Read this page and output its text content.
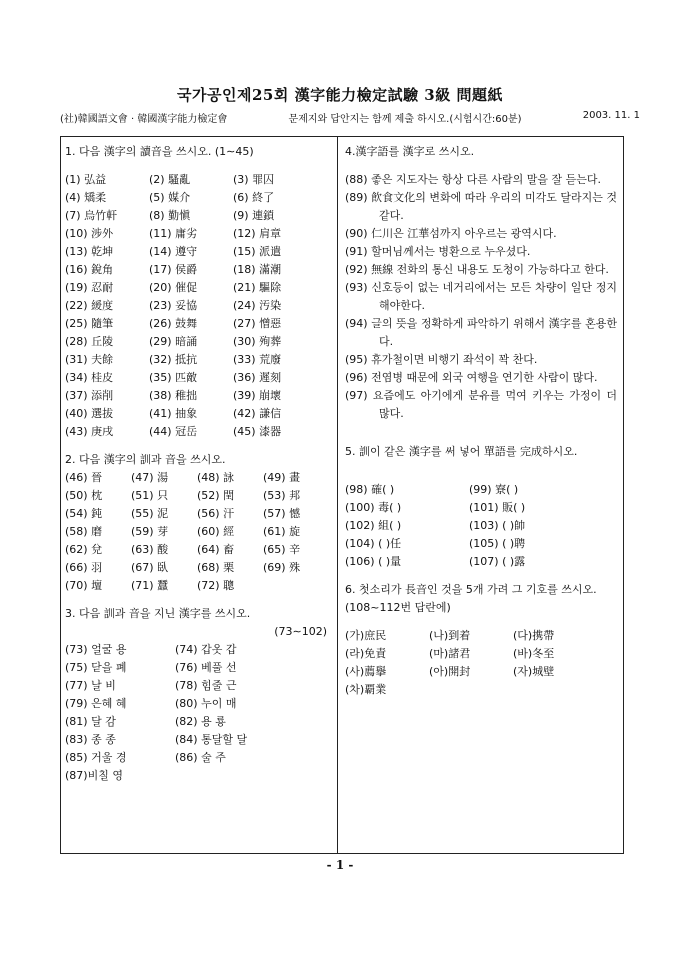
국가공인제25회 漢字能力檢定試驗 3級 問題紙
(社)韓國語文會 · 韓國漢字能力檢定會	문제지와 답안지는 함께 제출 하시오.(시험시간:60분)	2003. 11. 1
1. 다음 漢字의 讀音을 쓰시오. (1∼45)
(1) 弘益	(2) 騷亂	(3) 罪囚
(4) 矯柔	(5) 媒介	(6) 終了
(7) 烏竹軒	(8) 勤愼	(9) 連鎖
(10) 涉外	(11) 庸劣	(12) 肩章
(13) 乾坤	(14) 遵守	(15) 派遣
(16) 銳角	(17) 侯爵	(18) 滿潮
(19) 忍耐	(20) 催促	(21) 驅除
(22) 緩度	(23) 妥協	(24) 汚染
(25) 隨筆	(26) 鼓舞	(27) 憎惡
(28) 丘陵	(29) 暗誦	(30) 殉葬
(31) 夫餘	(32) 抵抗	(33) 荒廢
(34) 桂皮	(35) 匹敵	(36) 遲刻
(37) 添削	(38) 稚拙	(39) 崩壞
(40) 選拔	(41) 抽象	(42) 謙信
(43) 庚戌	(44) 冠岳	(45) 漆器
2. 다음 漢字의 訓과 音을 쓰시오.
(46) 晉	(47) 湯	(48) 詠	(49) 畫
(50) 枕	(51) 只	(52) 閏	(53) 邦
(54) 鈍	(55) 泥	(56) 汗	(57) 憾
(58) 磨	(59) 芽	(60) 經	(61) 旋
(62) 兌	(63) 酸	(64) 畜	(65) 辛
(66) 羽	(67) 臥	(68) 栗	(69) 殊
(70) 壇	(71) 蠶	(72) 聰
3. 다음 訓과 音을 지닌 漢字를 쓰시오.
(73∼102)
(73) 얼굴 용	(74) 갑옷 갑
(75) 닫을 폐	(76) 베풀 선
(77) 날 비	(78) 힘줄 근
(79) 은혜 혜	(80) 누이 매
(81) 달 감	(82) 용 룡
(83) 종 종	(84) 통달할 달
(85) 거울 경	(86) 술 주
(87)비칠 영
4.漢字語를 漢字로 쓰시오.
(88) 좋은 지도자는 항상 다른 사람의 말을 잘 듣는다.
(89) 飮食文化의 변화에 따라 우리의 미각도 달라지는 것 같다.
(90) 仁川은 江華섬까지 아우르는 광역시다.
(91) 할머님께서는 병환으로 누우셨다.
(92) 無線 전화의 통신 내용도 도청이 가능하다고 한다.
(93) 신호등이 없는 네거리에서는 모든 차량이 일단 정지해야한다.
(94) 글의 뜻을 정확하게 파악하기 위해서 漢字를 혼용한다.
(95) 휴가철이면 비행기 좌석이 꽉 찬다.
(96) 전염병 때문에 외국 여행을 연기한 사람이 많다.
(97) 요즘에도 아기에게 분유를 먹여 키우는 가정이 더 많다.
5. 訓이 같은 漢字를 써 넣어 單語를 完成하시오.
(98) 確( )	(99) 寮( )
(100) 毒( )	(101) 販( )
(102) 組( )	(103) ( )帥
(104) ( )任	(105) ( )聘
(106) ( )量	(107) ( )露
6. 첫소리가 長音인 것을 5개 가려 그 기호를 쓰시오. (108~112번 답란에)
(가)庶民	(나)到着	(다)携帶
(라)免責	(마)諸君	(바)冬至
(사)薦擧	(아)開封	(자)城壁
(차)覇業
- 1 -
